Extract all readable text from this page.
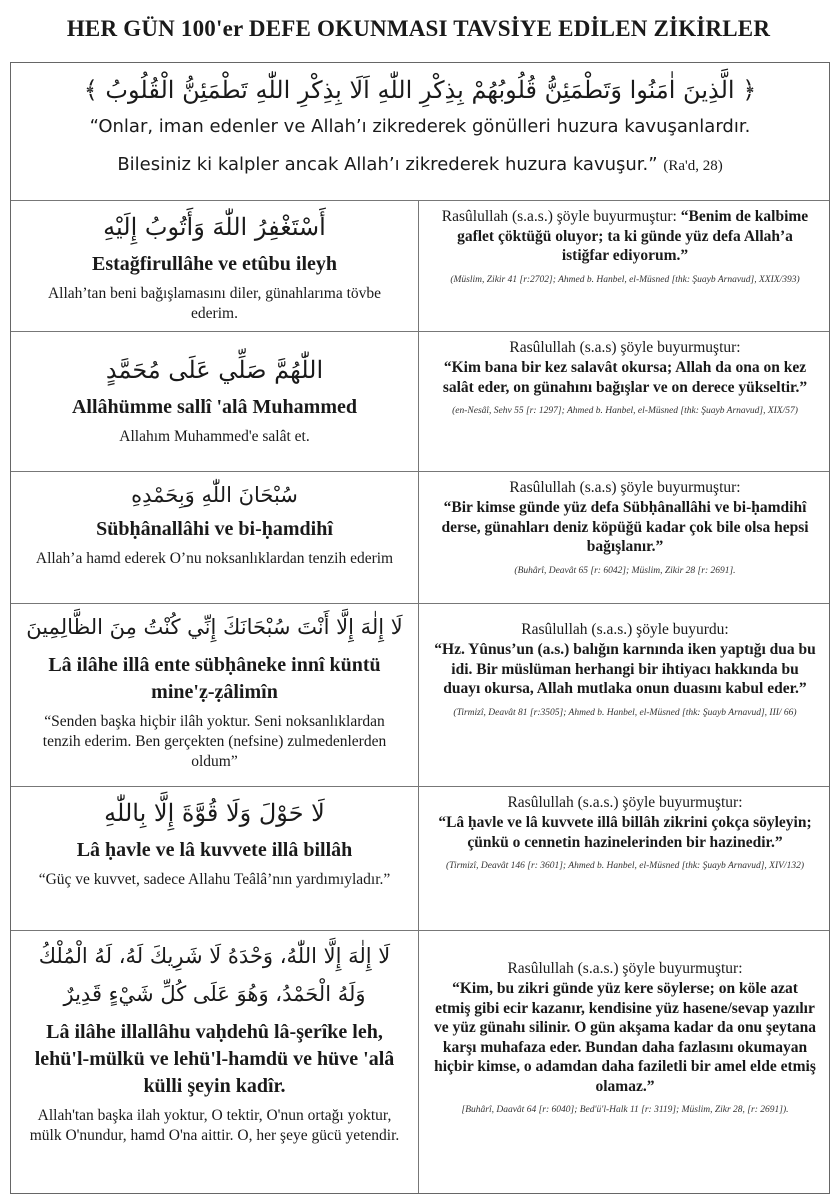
HER GÜN 100'er DEFE OKUNMASI TAVSİYE EDİLEN ZİKİRLER
﴿ الَّذِينَ اٰمَنُوا وَتَطْمَئِنُّ قُلُوبُهُمْ بِذِكْرِ اللّٰهِ اَلَا بِذِكْرِ اللّٰهِ تَطْمَئِنُّ الْقُلُوبُ ﴾
“Onlar, iman edenler ve Allah’ı zikrederek gönülleri huzura kavuşanlardır.
Bilesiniz ki kalpler ancak Allah’ı zikrederek huzura kavuşur.” (Ra'd, 28)
أَسْتَغْفِرُ اللّٰهَ وَأَتُوبُ إِلَيْهِ
Estağfirullâhe ve etûbu ileyh
Allah’tan beni bağışlamasını diler, günahlarıma tövbe ederim.
Rasûlullah (s.a.s.) şöyle buyurmuştur: “Benim de kalbime gaflet çöktüğü oluyor; ta ki günde yüz defa Allah’a istiğfar ediyorum.”
(Müslim, Zikir 41 [r:2702]; Ahmed b. Hanbel, el-Müsned [thk: Şuayb Arnavud], XXIX/393)
اللّٰهُمَّ صَلِّي عَلَى مُحَمَّدٍ
Allâhümme sallî 'alâ Muhammed
Allahım Muhammed'e salât et.
Rasûlullah (s.a.s) şöyle buyurmuştur:
“Kim bana bir kez salavât okursa; Allah da ona on kez salât eder, on günahını bağışlar ve on derece yükseltir.”
(en-Nesâî, Sehv 55 [r: 1297]; Ahmed b. Hanbel, el-Müsned [thk: Şuayb Arnavud], XIX/57)
سُبْحَانَ اللّٰهِ وَبِحَمْدِهِ
Sübḥânallâhi ve bi-ḥamdihî
Allah’a hamd ederek O’nu noksanlıklardan tenzih ederim
Rasûlullah (s.a.s) şöyle buyurmuştur:
“Bir kimse günde yüz defa Sübḥânallâhi ve bi-ḥamdihî derse, günahları deniz köpüğü kadar çok bile olsa hepsi bağışlanır.”
(Buhârî, Deavât 65 [r: 6042]; Müslim, Zikir 28 [r: 2691].
لَا إِلٰهَ إِلَّا أَنْتَ سُبْحَانَكَ إِنِّي كُنْتُ مِنَ الظَّالِمِينَ
Lâ ilâhe illâ ente sübḥâneke innî küntü mine'ẓ-ẓâlimîn
“Senden başka hiçbir ilâh yoktur. Seni noksanlıklardan tenzih ederim. Ben gerçekten (nefsine) zulmedenlerden oldum”
Rasûlullah (s.a.s.) şöyle buyurdu:
“Hz. Yûnus’un (a.s.) balığın karnında iken yaptığı dua bu idi. Bir müslüman herhangi bir ihtiyacı hakkında bu duayı okursa, Allah mutlaka onun duasını kabul eder.”
(Tirmizî, Deavât 81 [r:3505]; Ahmed b. Hanbel, el-Müsned [thk: Şuayb Arnavud], III/ 66)
لَا حَوْلَ وَلَا قُوَّةَ إِلَّا بِاللّٰهِ
Lâ ḥavle ve lâ kuvvete illâ billâh
“Güç ve kuvvet, sadece Allahu Teâlâ’nın yardımıyladır.”
Rasûlullah (s.a.s.) şöyle buyurmuştur:
“Lâ ḥavle ve lâ kuvvete illâ billâh zikrini çokça söyleyin; çünkü o cennetin hazinelerinden bir hazinedir.”
(Tirmizî, Deavât 146 [r: 3601]; Ahmed b. Hanbel, el-Müsned [thk: Şuayb Arnavud], XIV/132)
لَا إِلٰهَ إِلَّا اللّٰهُ، وَحْدَهُ لَا شَرِيكَ لَهُ، لَهُ الْمُلْكُ وَلَهُ الْحَمْدُ، وَهُوَ عَلَى كُلِّ شَيْءٍ قَدِيرٌ
Lâ ilâhe illallâhu vaḥdehû lâ-şerîke leh, lehü'l-mülkü ve lehü'l-hamdü ve hüve 'alâ külli şeyin kadîr.
Allah'tan başka ilah yoktur, O tektir, O'nun ortağı yoktur, mülk O'nundur, hamd O'na aittir. O, her şeye gücü yetendir.
Rasûlullah (s.a.s.) şöyle buyurmuştur:
“Kim, bu zikri günde yüz kere söylerse; on köle azat etmiş gibi ecir kazanır, kendisine yüz hasene/sevap yazılır ve yüz günahı silinir. O gün akşama kadar da onu şeytana karşı muhafaza eder. Bundan daha fazlasını okumayan hiçbir kimse, o adamdan daha faziletli bir amel elde etmiş olamaz.”
[Buhârî, Daavât 64 [r: 6040]; Bed'ü'l-Halk 11 [r: 3119]; Müslim, Zikr 28, [r: 2691]).
